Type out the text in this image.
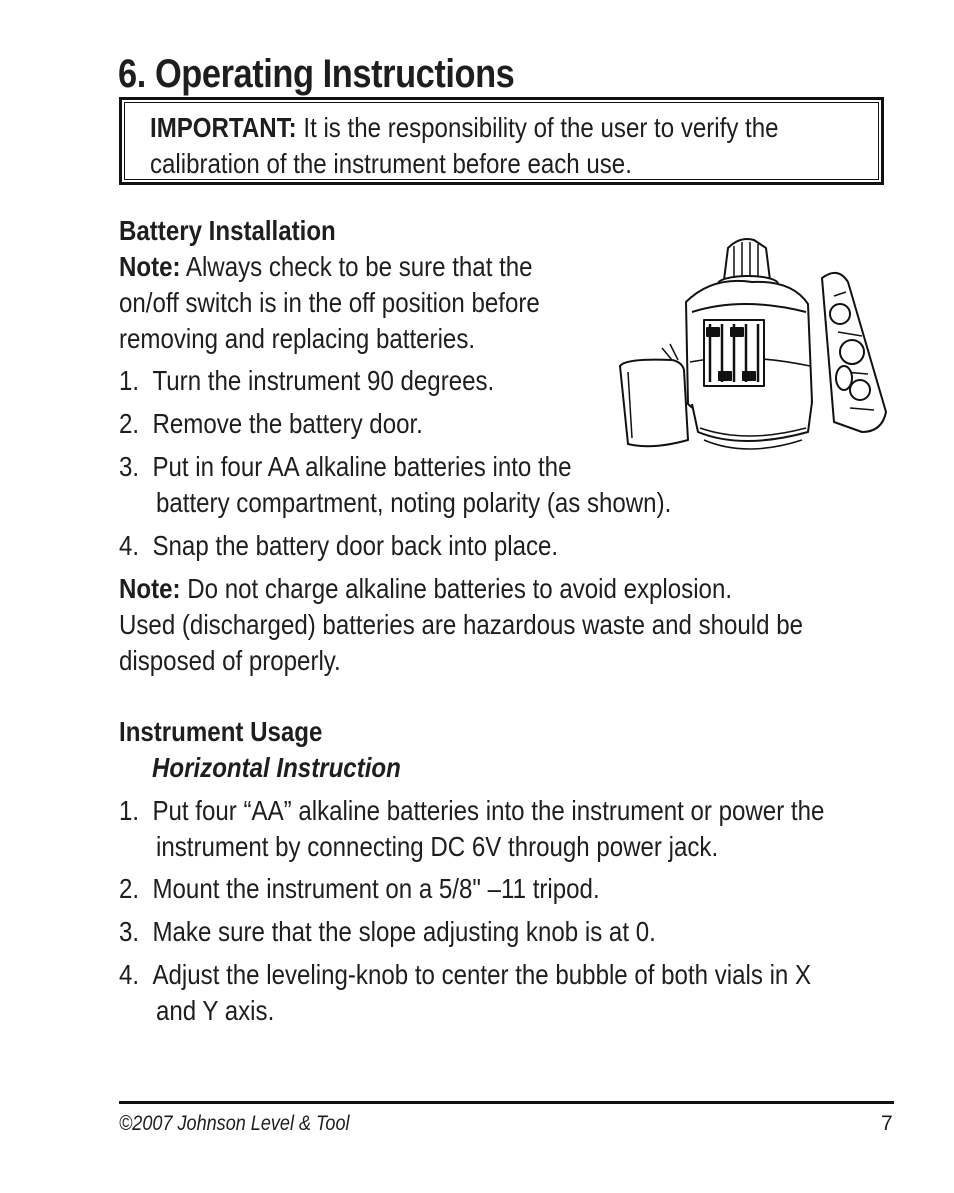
6. Operating Instructions
IMPORTANT: It is the responsibility of the user to verify the
calibration of the instrument before each use.
Battery Installation
Note: Always check to be sure that the
on/off switch is in the off position before
removing and replacing batteries.
1. Turn the instrument 90 degrees.
2. Remove the battery door.
3. Put in four AA alkaline batteries into the
battery compartment, noting polarity (as shown).
4. Snap the battery door back into place.
Note: Do not charge alkaline batteries to avoid explosion.
Used (discharged) batteries are hazardous waste and should be
disposed of properly.
Instrument Usage
Horizontal Instruction
1. Put four “AA” alkaline batteries into the instrument or power the
instrument by connecting DC 6V through power jack.
2. Mount the instrument on a 5/8" –11 tripod.
3. Make sure that the slope adjusting knob is at 0.
4. Adjust the leveling-knob to center the bubble of both vials in X
and Y axis.
©2007 Johnson Level & Tool	7
